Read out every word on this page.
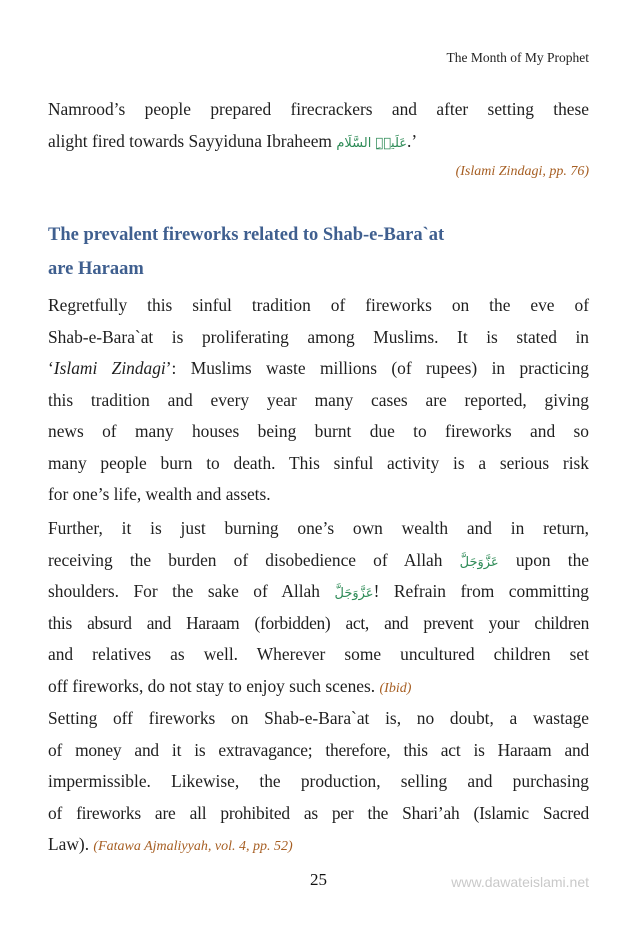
The Month of My Prophet
Namrood’s people prepared firecrackers and after setting these
alight fired towards Sayyiduna Ibraheem عَلَیۡہِ السَّلَام.’
(Islami Zindagi, pp. 76)
The prevalent fireworks related to Shab-e-Bara`at
are Haraam
Regretfully this sinful tradition of fireworks on the eve of
Shab-e-Bara`at is proliferating among Muslims. It is stated in
‘Islami Zindagi’: Muslims waste millions (of rupees) in practicing
this tradition and every year many cases are reported, giving
news of many houses being burnt due to fireworks and so
many people burn to death. This sinful activity is a serious risk
for one’s life, wealth and assets.
Further, it is just burning one’s own wealth and in return,
receiving the burden of disobedience of Allah عَزَّوَجَلَّ upon the
shoulders. For the sake of Allah عَزَّوَجَلَّ! Refrain from committing
this absurd and Haraam (forbidden) act, and prevent your children
and relatives as well. Wherever some uncultured children set
off fireworks, do not stay to enjoy such scenes. (Ibid)
Setting off fireworks on Shab-e-Bara`at is, no doubt, a wastage
of money and it is extravagance; therefore, this act is Haraam and
impermissible. Likewise, the production, selling and purchasing
of fireworks are all prohibited as per the Shari’ah (Islamic Sacred
Law). (Fatawa Ajmaliyyah, vol. 4, pp. 52)
25	www.dawateislami.net
